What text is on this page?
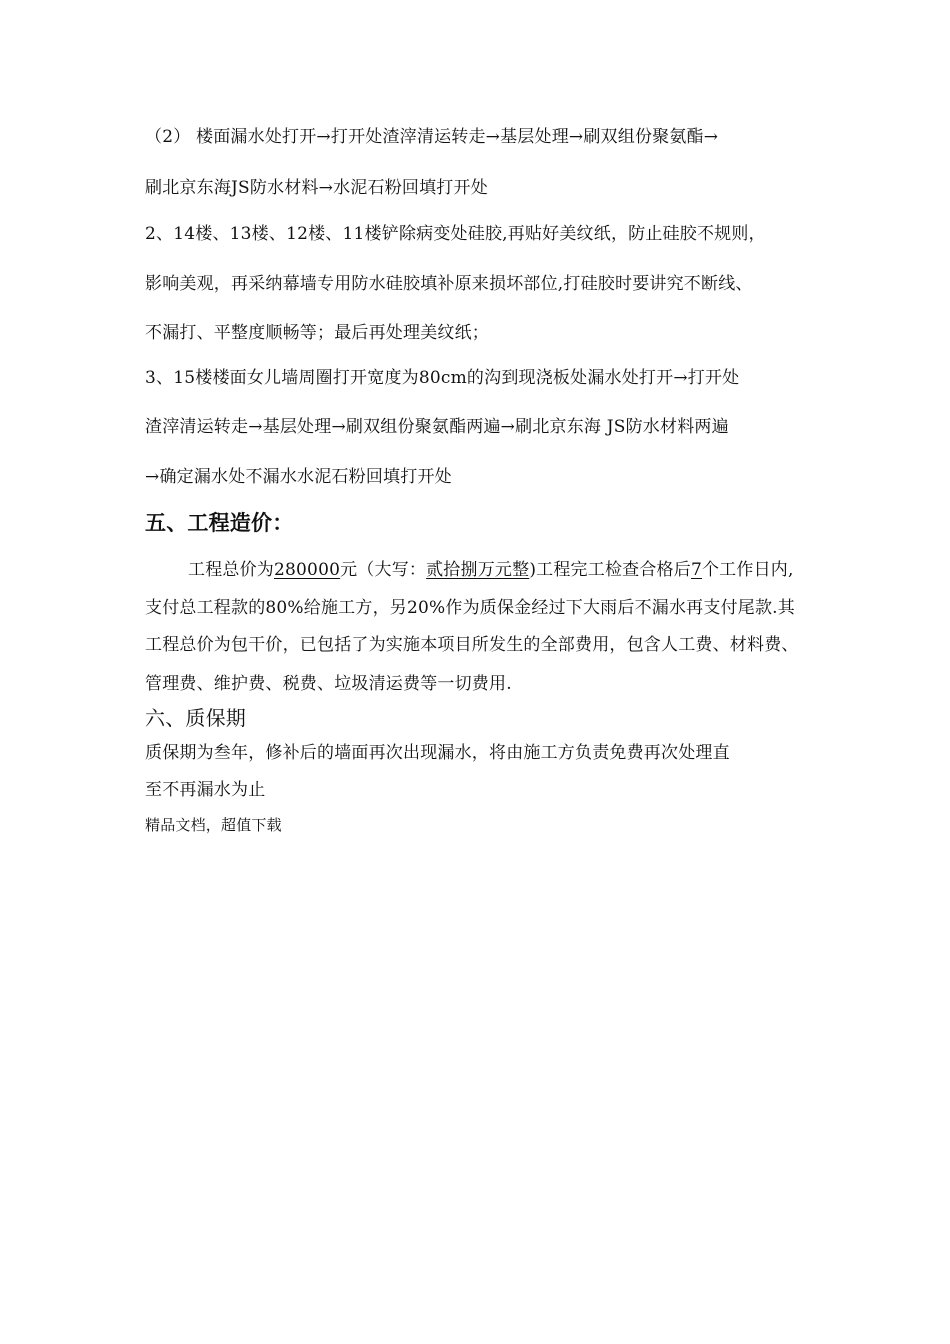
（2） 楼面漏水处打开→打开处渣滓清运转走→基层处理→刷双组份聚氨酯→
刷北京东海JS防水材料→水泥石粉回填打开处
2、14楼、13楼、12楼、11楼铲除病变处硅胶,再贴好美纹纸，防止硅胶不规则，
影响美观，再采纳幕墙专用防水硅胶填补原来损坏部位,打硅胶时要讲究不断线、
不漏打、平整度顺畅等；最后再处理美纹纸；
3、15楼楼面女儿墙周圈打开宽度为80cm的沟到现浇板处漏水处打开→打开处
渣滓清运转走→基层处理→刷双组份聚氨酯两遍→刷北京东海 JS防水材料两遍
→确定漏水处不漏水水泥石粉回填打开处
五、工程造价：
工程总价为280000元（大写：贰拾捌万元整)工程完工检查合格后7个工作日内,
支付总工程款的80%给施工方，另20%作为质保金经过下大雨后不漏水再支付尾款.其
工程总价为包干价，已包括了为实施本项目所发生的全部费用，包含人工费、材料费、
管理费、维护费、税费、垃圾清运费等一切费用.
六、质保期
质保期为叁年，修补后的墙面再次出现漏水，将由施工方负责免费再次处理直
至不再漏水为止
精品文档，超值下载
